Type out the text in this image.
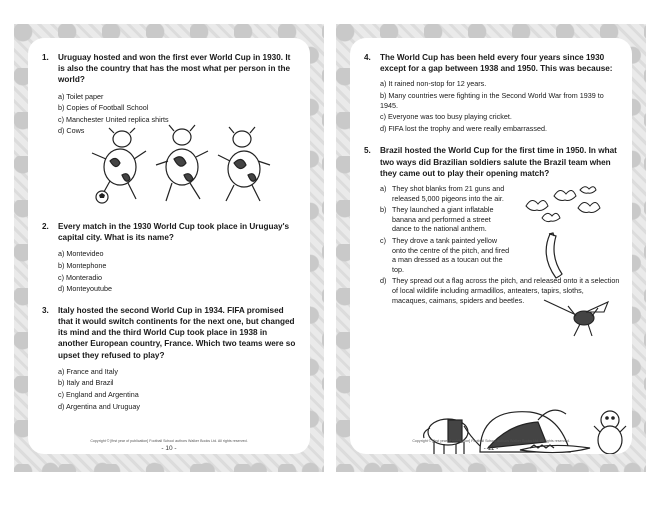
1.	Uruguay hosted and won the first ever World Cup in 1930. It is also the country that has the most what per person in the world?
a) Toilet paper
b) Copies of Football School
c) Manchester United replica shirts
d) Cows
2.	Every match in the 1930 World Cup took place in Uruguay's capital city. What is its name?
a) Montevideo
b) Montephone
c) Monteradio
d) Monteyoutube
3.	Italy hosted the second World Cup in 1934. FIFA promised that it would switch continents for the next one, but changed its mind and the third World Cup took place in 1938 in another European country, France. Which two teams were so upset they refused to play?
a) France and Italy
b) Italy and Brazil
c) England and Argentina
d) Argentina and Uruguay
Copyright © [first year of publication] Football School authors Walker Books Ltd. All rights reserved.
- 10 -
4.	The World Cup has been held every four years since 1930 except for a gap between 1938 and 1950. This was because:
a) It rained non-stop for 12 years.
b) Many countries were fighting in the Second World War from 1939 to 1945.
c) Everyone was too busy playing cricket.
d) FIFA lost the trophy and were really embarrassed.
5.	Brazil hosted the World Cup for the first time in 1950. In what two ways did Brazilian soldiers salute the Brazil team when they came out to play their opening match?
a) They shot blanks from 21 guns and released 5,000 pigeons into the air.
b) They launched a giant inflatable banana and performed a street dance to the national anthem.
c) They drove a tank painted yellow onto the centre of the pitch, and fired a man dressed as a toucan out the top.
d) They spread out a flag across the pitch, and released onto it a selection of local wildlife including armadillos, anteaters, tapirs, sloths, macaques, caimans, spiders and beetles.
Copyright © [first year of publication] Football School authors Walker Books Ltd. All rights reserved.
- 11 -
